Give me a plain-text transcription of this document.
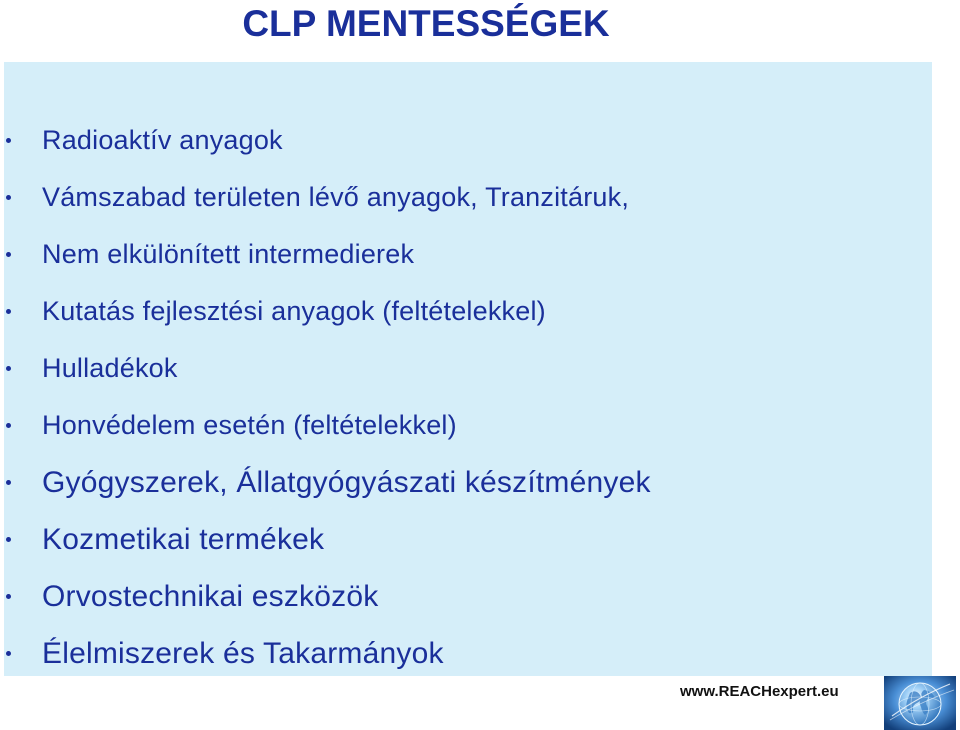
CLP MENTESSÉGEK
Radioaktív anyagok
Vámszabad területen lévő anyagok, Tranzitáruk,
Nem elkülönített intermedierek
Kutatás fejlesztési anyagok (feltételekkel)
Hulladékok
Honvédelem esetén (feltételekkel)
Gyógyszerek, Állatgyógyászati készítmények
Kozmetikai termékek
Orvostechnikai eszközök
Élelmiszerek és Takarmányok
www.REACHexpert.eu
